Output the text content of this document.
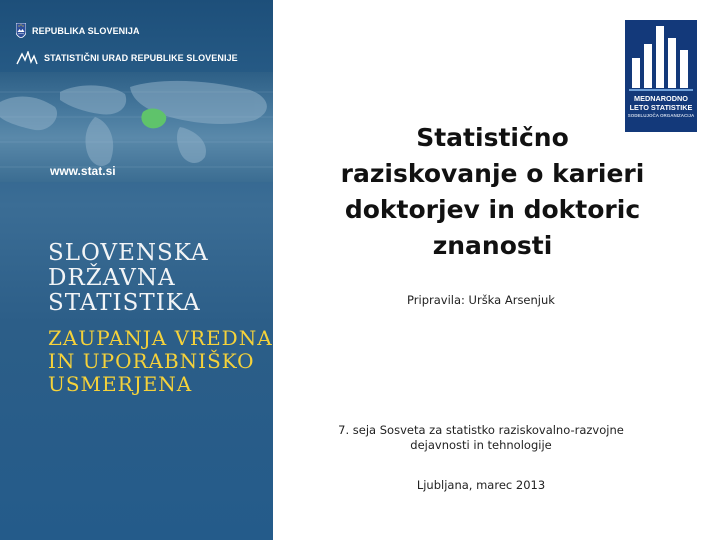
REPUBLIKA SLOVENIJA
STATISTIČNI URAD REPUBLIKE SLOVENIJE
www.stat.si
SLOVENSKA
DRŽAVNA
STATISTIKA
ZAUPANJA VREDNA
IN UPORABNIŠKO
USMERJENA
MEDNARODNO
LETO STATISTIKE
SODELUJOČA ORGANIZACIJA
Statistično
raziskovanje o karieri
doktorjev in doktoric
znanosti
Pripravila: Urška Arsenjuk
7. seja Sosveta za statistko raziskovalno-razvojne
dejavnosti in tehnologije
Ljubljana, marec 2013
